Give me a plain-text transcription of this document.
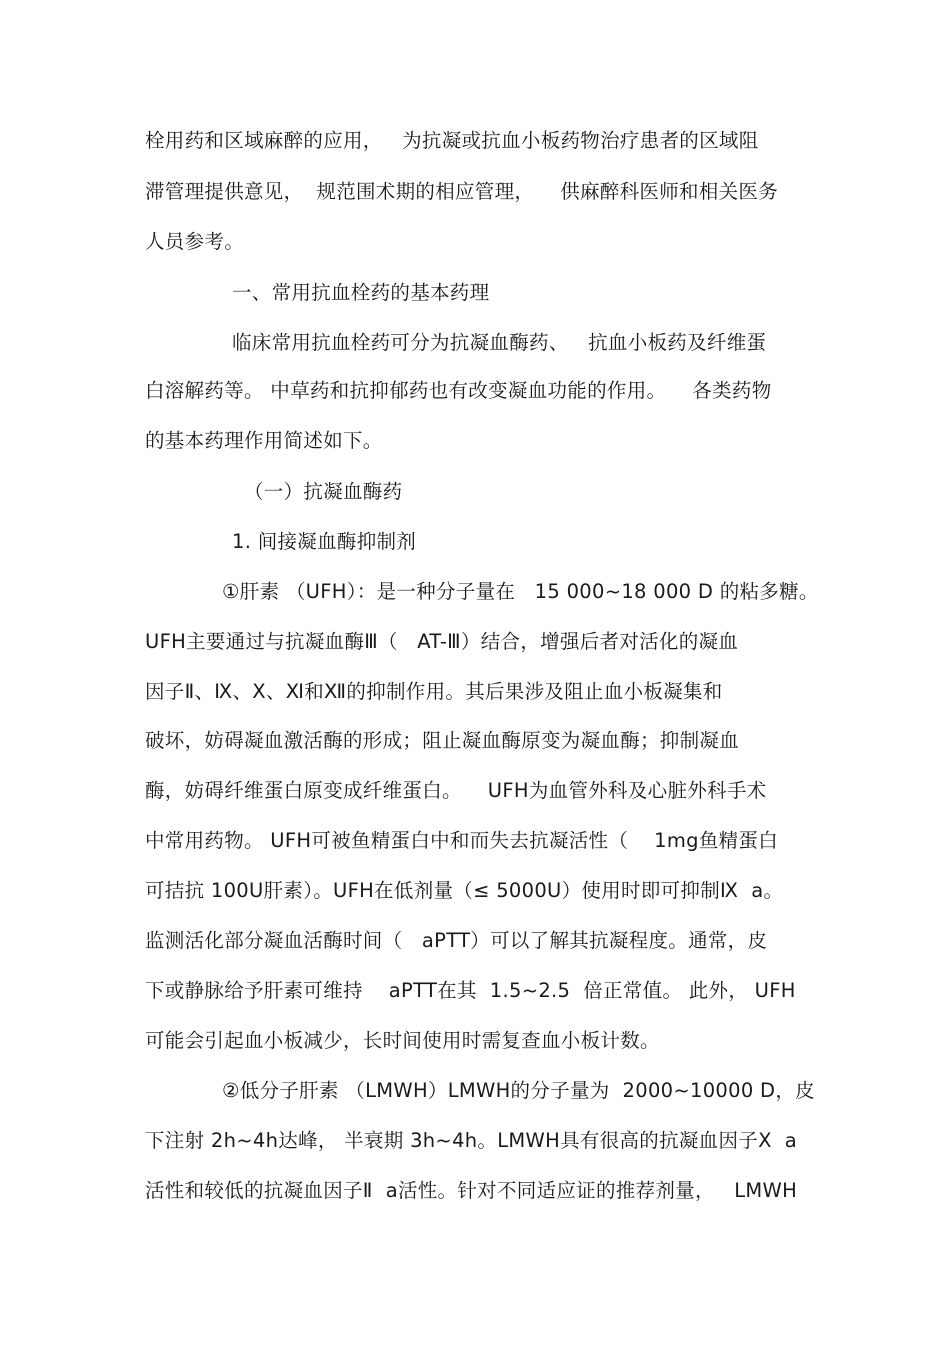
栓用药和区域麻醉的应用，   为抗凝或抗血小板药物治疗患者的区域阻
滞管理提供意见，  规范围术期的相应管理，    供麻醉科医师和相关医务
人员参考。
一、常用抗血栓药的基本药理
临床常用抗血栓药可分为抗凝血酶药、   抗血小板药及纤维蛋
白溶解药等。 中草药和抗抑郁药也有改变凝血功能的作用。    各类药物
的基本药理作用简述如下。
（一）抗凝血酶药
1. 间接凝血酶抑制剂
①肝素 （UFH）：是一种分子量在   15 000~18 000 D 的粘多糖。
UFH主要通过与抗凝血酶Ⅲ（   AT-Ⅲ）结合，增强后者对活化的凝血
因子Ⅱ、Ⅸ、Ⅹ、Ⅺ和Ⅻ的抑制作用。其后果涉及阻止血小板凝集和
破坏，妨碍凝血激活酶的形成；阻止凝血酶原变为凝血酶；抑制凝血
酶，妨碍纤维蛋白原变成纤维蛋白。    UFH为血管外科及心脏外科手术
中常用药物。 UFH可被鱼精蛋白中和而失去抗凝活性（    1mg鱼精蛋白
可拮抗 100U肝素）。UFH在低剂量（≤ 5000U）使用时即可抑制Ⅸ  a。
监测活化部分凝血活酶时间（   aPTT）可以了解其抗凝程度。通常，皮
下或静脉给予肝素可维持    aPTT在其  1.5~2.5  倍正常值。 此外， UFH
可能会引起血小板减少，长时间使用时需复查血小板计数。
②低分子肝素 （LMWH）LMWH的分子量为  2000~10000 D，皮
下注射 2h~4h达峰， 半衰期 3h~4h。LMWH具有很高的抗凝血因子Ⅹ  a
活性和较低的抗凝血因子Ⅱ  a活性。针对不同适应证的推荐剂量，   LMWH
